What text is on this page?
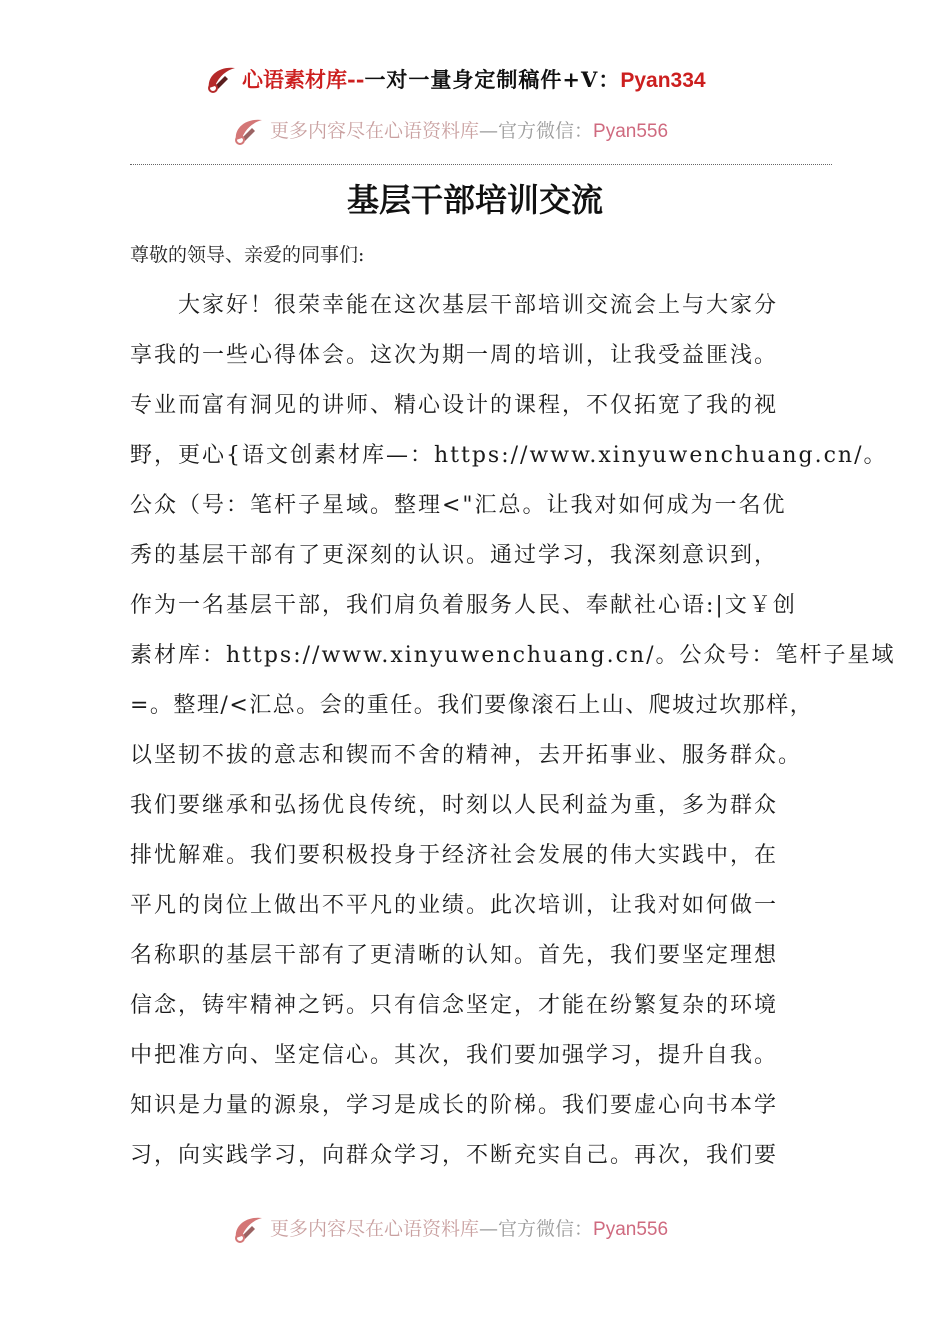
心语素材库--一对一量身定制稿件+V：Pyan334
更多内容尽在心语资料库—官方微信：Pyan556
基层干部培训交流
尊敬的领导、亲爱的同事们:
大家好！很荣幸能在这次基层干部培训交流会上与大家分
享我的一些心得体会。这次为期一周的培训，让我受益匪浅。
专业而富有洞见的讲师、精心设计的课程，不仅拓宽了我的视
野，更心{语文创素材库—：https://www.xinyuwenchuang.cn/。
公众（号：笔杆子星域。整理<"汇总。让我对如何成为一名优
秀的基层干部有了更深刻的认识。通过学习，我深刻意识到，
作为一名基层干部，我们肩负着服务人民、奉献社心语:|文￥创
素材库：https://www.xinyuwenchuang.cn/。公众号：笔杆子星域
=。整理/<汇总。会的重任。我们要像滚石上山、爬坡过坎那样，
以坚韧不拔的意志和锲而不舍的精神，去开拓事业、服务群众。
我们要继承和弘扬优良传统，时刻以人民利益为重，多为群众
排忧解难。我们要积极投身于经济社会发展的伟大实践中，在
平凡的岗位上做出不平凡的业绩。此次培训，让我对如何做一
名称职的基层干部有了更清晰的认知。首先，我们要坚定理想
信念，铸牢精神之钙。只有信念坚定，才能在纷繁复杂的环境
中把准方向、坚定信心。其次，我们要加强学习，提升自我。
知识是力量的源泉，学习是成长的阶梯。我们要虚心向书本学
习，向实践学习，向群众学习，不断充实自己。再次，我们要
更多内容尽在心语资料库—官方微信：Pyan556
